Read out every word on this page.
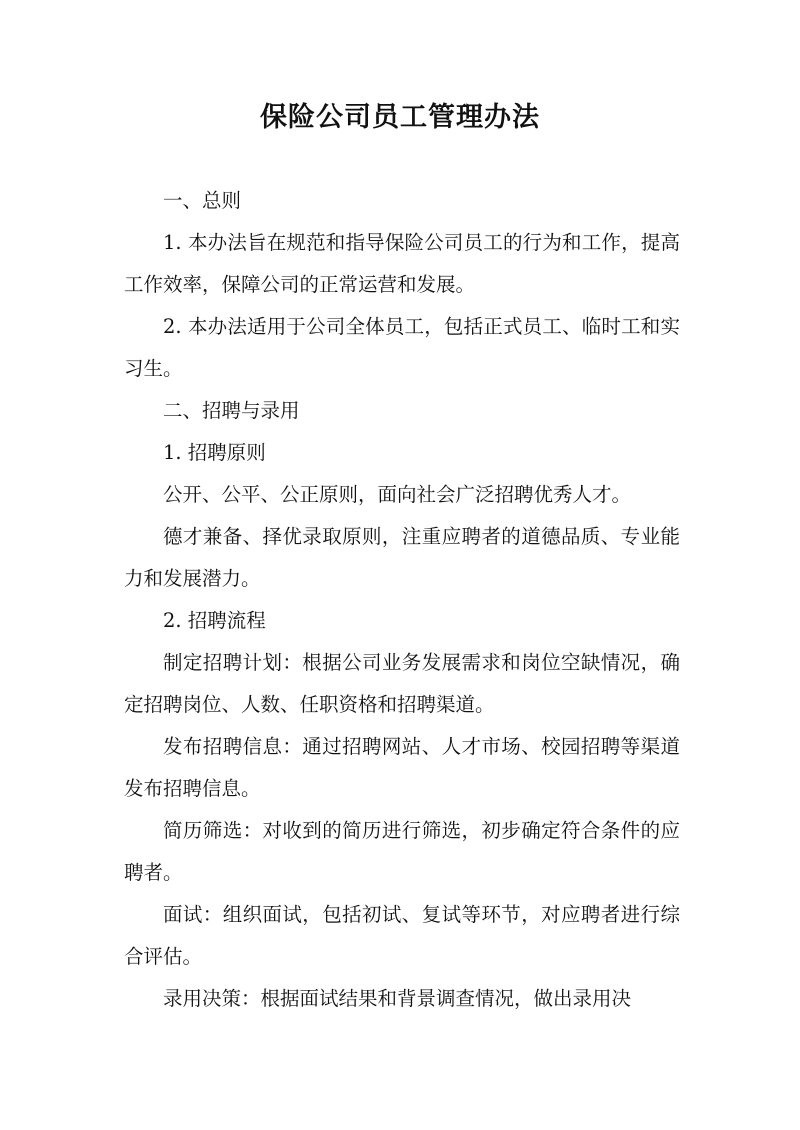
保险公司员工管理办法

一、总则

1. 本办法旨在规范和指导保险公司员工的行为和工作，提高工作效率，保障公司的正常运营和发展。

2. 本办法适用于公司全体员工，包括正式员工、临时工和实习生。

二、招聘与录用

1. 招聘原则

公开、公平、公正原则，面向社会广泛招聘优秀人才。

德才兼备、择优录取原则，注重应聘者的道德品质、专业能力和发展潜力。

2. 招聘流程

制定招聘计划：根据公司业务发展需求和岗位空缺情况，确定招聘岗位、人数、任职资格和招聘渠道。

发布招聘信息：通过招聘网站、人才市场、校园招聘等渠道发布招聘信息。

简历筛选：对收到的简历进行筛选，初步确定符合条件的应聘者。

面试：组织面试，包括初试、复试等环节，对应聘者进行综合评估。

录用决策：根据面试结果和背景调查情况，做出录用决
